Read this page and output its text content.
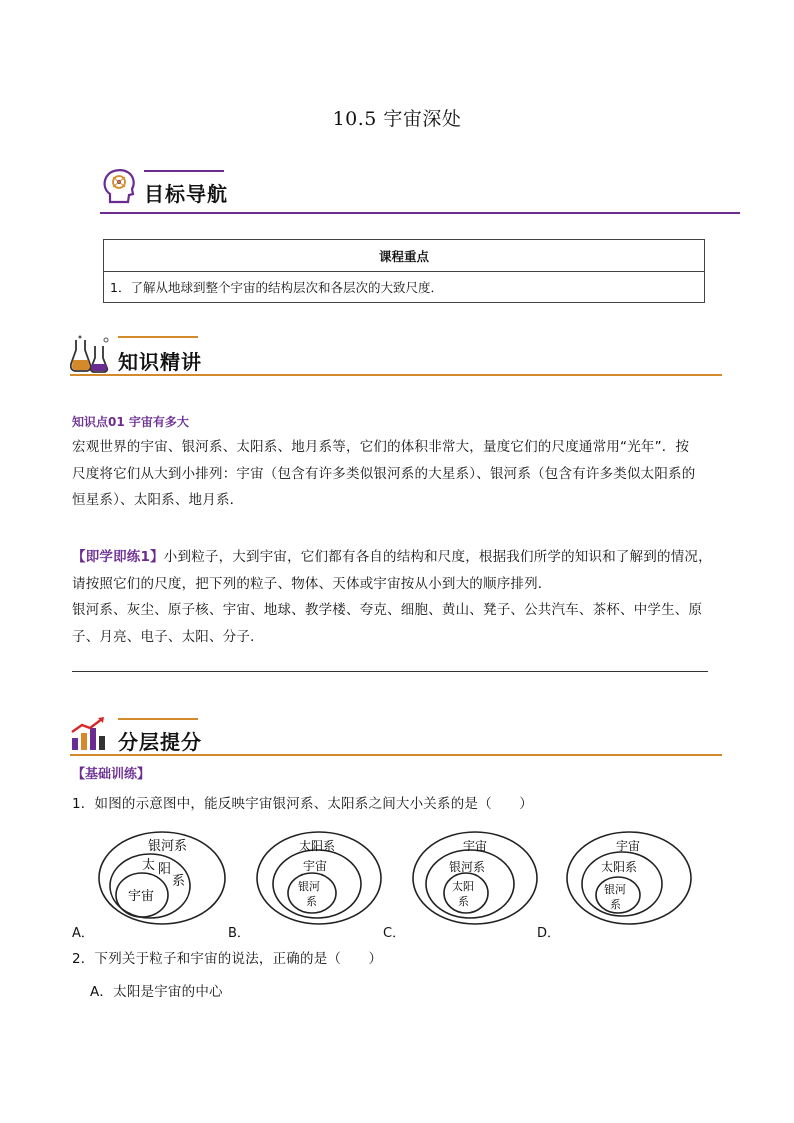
10.5 宇宙深处
目标导航
课程重点
1．了解从地球到整个宇宙的结构层次和各层次的大致尺度．
知识精讲
知识点01 宇宙有多大
宏观世界的宇宙、银河系、太阳系、地月系等，它们的体积非常大，量度它们的尺度通常用“光年”．按
尺度将它们从大到小排列：宇宙（包含有许多类似银河系的大星系）、银河系（包含有许多类似太阳系的
恒星系）、太阳系、地月系．
【即学即练1】小到粒子，大到宇宙，它们都有各自的结构和尺度，根据我们所学的知识和了解到的情况，
请按照它们的尺度，把下列的粒子、物体、天体或宇宙按从小到大的顺序排列．
银河系、灰尘、原子核、宇宙、地球、教学楼、夸克、细胞、黄山、凳子、公共汽车、茶杯、中学生、原
子、月亮、电子、太阳、分子．
分层提分
【基础训练】
1．如图的示意图中，能反映宇宙银河系、太阳系之间大小关系的是（　　）
银河系
太 阳
系
宇宙
A．
太阳系
宇宙
银河
系
B．
宇宙
银河系
太阳
系
C．
宇宙
太阳系
银河
系
D．
2．下列关于粒子和宇宙的说法，正确的是（　　）
A．太阳是宇宙的中心
